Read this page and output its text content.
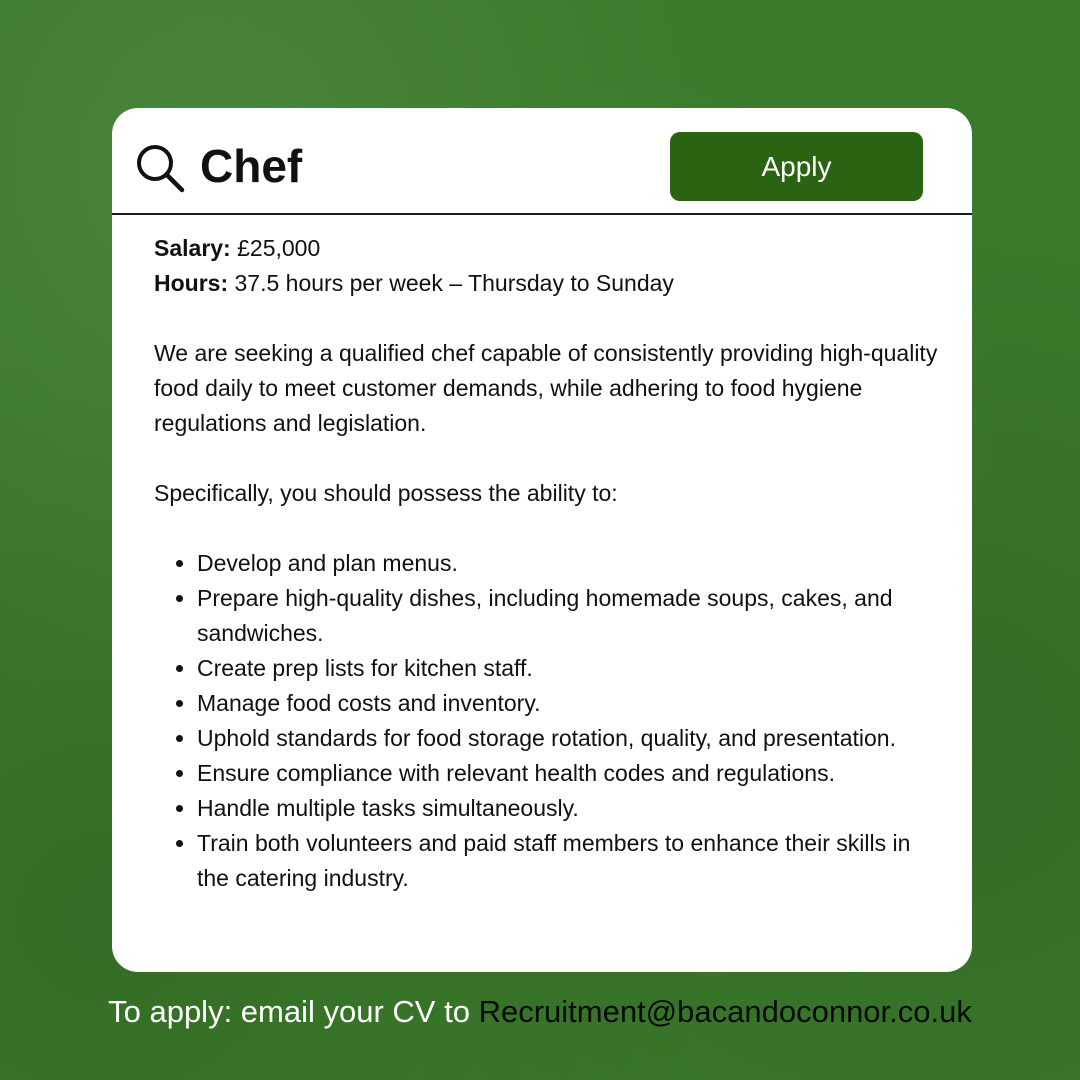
Chef	Apply

Salary: £25,000

Hours: 37.5 hours per week – Thursday to Sunday

We are seeking a qualified chef capable of consistently providing high-quality food daily to meet customer demands, while adhering to food hygiene regulations and legislation.

Specifically, you should possess the ability to:

• Develop and plan menus.
• Prepare high-quality dishes, including homemade soups, cakes, and sandwiches.
• Create prep lists for kitchen staff.
• Manage food costs and inventory.
• Uphold standards for food storage rotation, quality, and presentation.
• Ensure compliance with relevant health codes and regulations.
• Handle multiple tasks simultaneously.
• Train both volunteers and paid staff members to enhance their skills in the catering industry.
To apply: email your CV to Recruitment@bacandoconnor.co.uk
